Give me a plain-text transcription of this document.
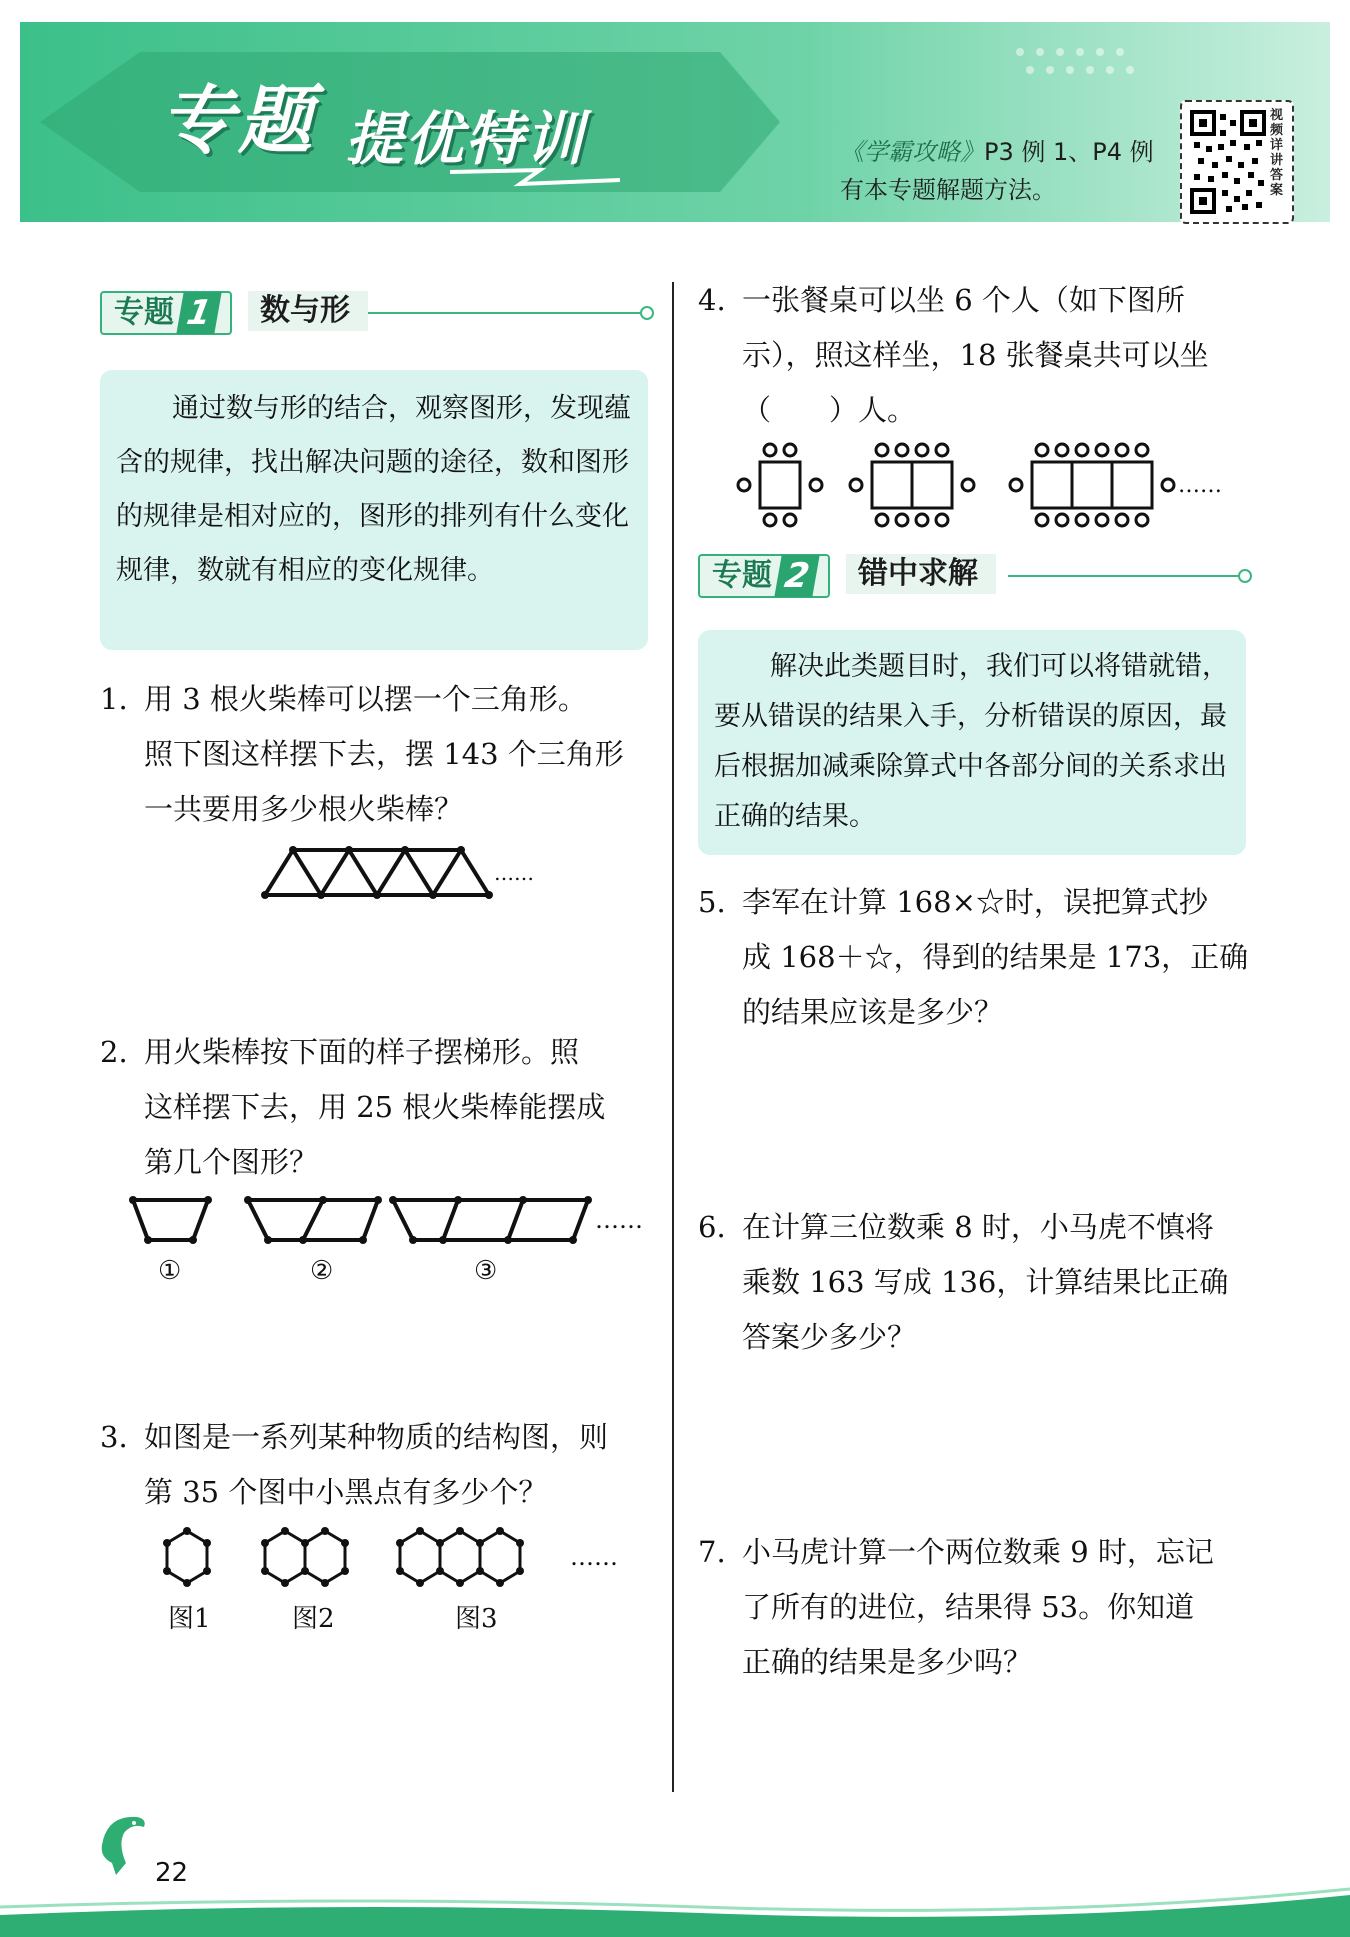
专题 提优特训	《学霸攻略》P3 例 1、P4 例
有本专题解题方法。
视频详讲答案
专题 1	数与形
通过数与形的结合，观察图形，发现蕴含的规律，找出解决问题的途径，数和图形的规律是相对应的，图形的排列有什么变化规律，数就有相应的变化规律。
1. 用 3 根火柴棒可以摆一个三角形。
照下图这样摆下去，摆 143 个三角形
一共要用多少根火柴棒？
……
2. 用火柴棒按下面的样子摆梯形。照
这样摆下去，用 25 根火柴棒能摆成
第几个图形？
……
①	②	③
3. 如图是一系列某种物质的结构图，则
第 35 个图中小黑点有多少个？
……
图1	图2	图3
4. 一张餐桌可以坐 6 个人（如下图所
示），照这样坐，18 张餐桌共可以坐
（　　）人。
……
专题 2	错中求解
解决此类题目时，我们可以将错就错，要从错误的结果入手，分析错误的原因，最后根据加减乘除算式中各部分间的关系求出正确的结果。
5. 李军在计算 168×☆时，误把算式抄
成 168＋☆，得到的结果是 173，正确
的结果应该是多少？
6. 在计算三位数乘 8 时，小马虎不慎将
乘数 163 写成 136，计算结果比正确
答案少多少？
7. 小马虎计算一个两位数乘 9 时，忘记
了所有的进位，结果得 53。你知道
正确的结果是多少吗？
22
